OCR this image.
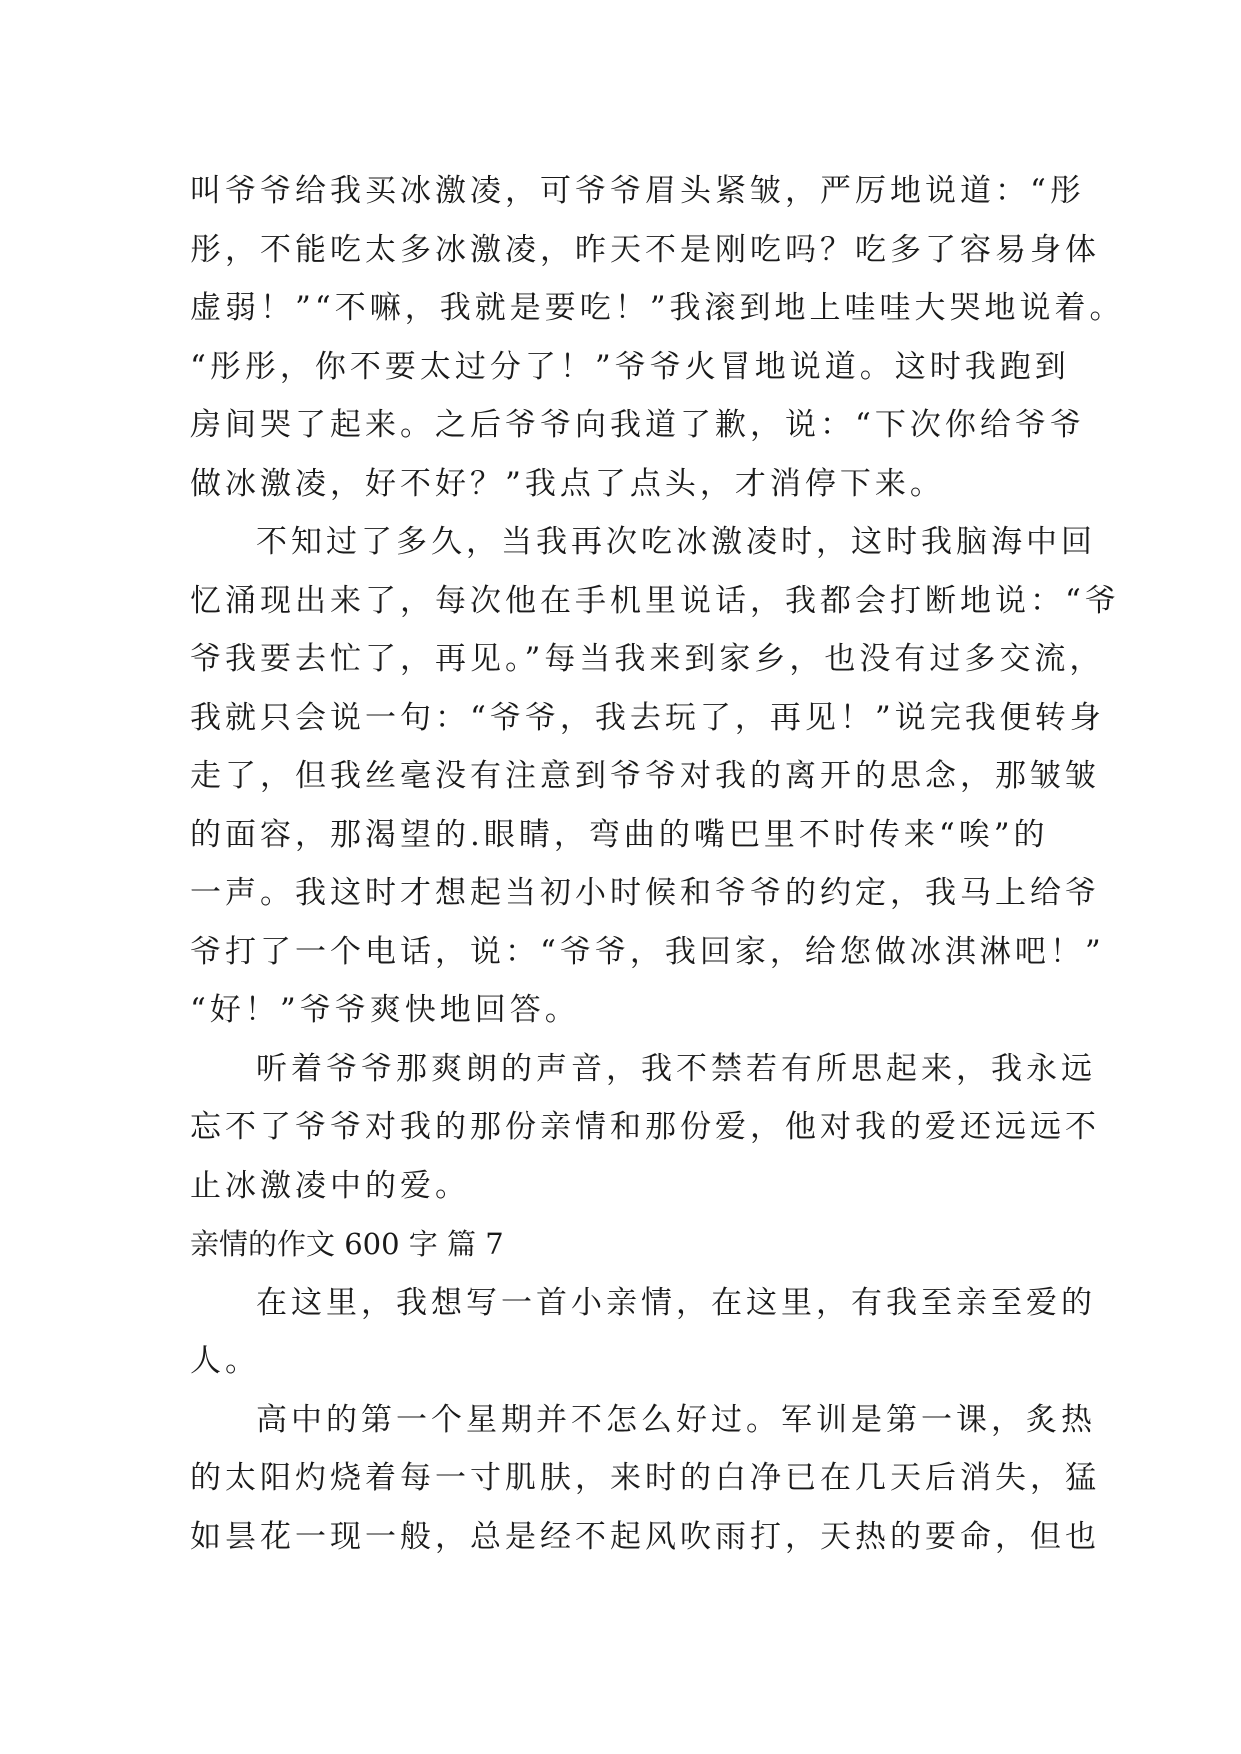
叫爷爷给我买冰激凌，可爷爷眉头紧皱，严厉地说道：“彤
彤，不能吃太多冰激凌，昨天不是刚吃吗？吃多了容易身体
虚弱！”“不嘛，我就是要吃！”我滚到地上哇哇大哭地说着。
“彤彤，你不要太过分了！”爷爷火冒地说道。这时我跑到
房间哭了起来。之后爷爷向我道了歉，说：“下次你给爷爷
做冰激凌，好不好？”我点了点头，才消停下来。
不知过了多久，当我再次吃冰激凌时，这时我脑海中回
忆涌现出来了，每次他在手机里说话，我都会打断地说：“爷
爷我要去忙了，再见。”每当我来到家乡，也没有过多交流，
我就只会说一句：“爷爷，我去玩了，再见！”说完我便转身
走了，但我丝毫没有注意到爷爷对我的离开的思念，那皱皱
的面容，那渴望的.眼睛，弯曲的嘴巴里不时传来“唉”的
一声。我这时才想起当初小时候和爷爷的约定，我马上给爷
爷打了一个电话，说：“爷爷，我回家，给您做冰淇淋吧！”
“好！”爷爷爽快地回答。
听着爷爷那爽朗的声音，我不禁若有所思起来，我永远
忘不了爷爷对我的那份亲情和那份爱，他对我的爱还远远不
止冰激凌中的爱。
亲情的作文 600 字 篇 7
在这里，我想写一首小亲情，在这里，有我至亲至爱的
人。
高中的第一个星期并不怎么好过。军训是第一课，炙热
的太阳灼烧着每一寸肌肤，来时的白净已在几天后消失，猛
如昙花一现一般，总是经不起风吹雨打，天热的要命，但也
